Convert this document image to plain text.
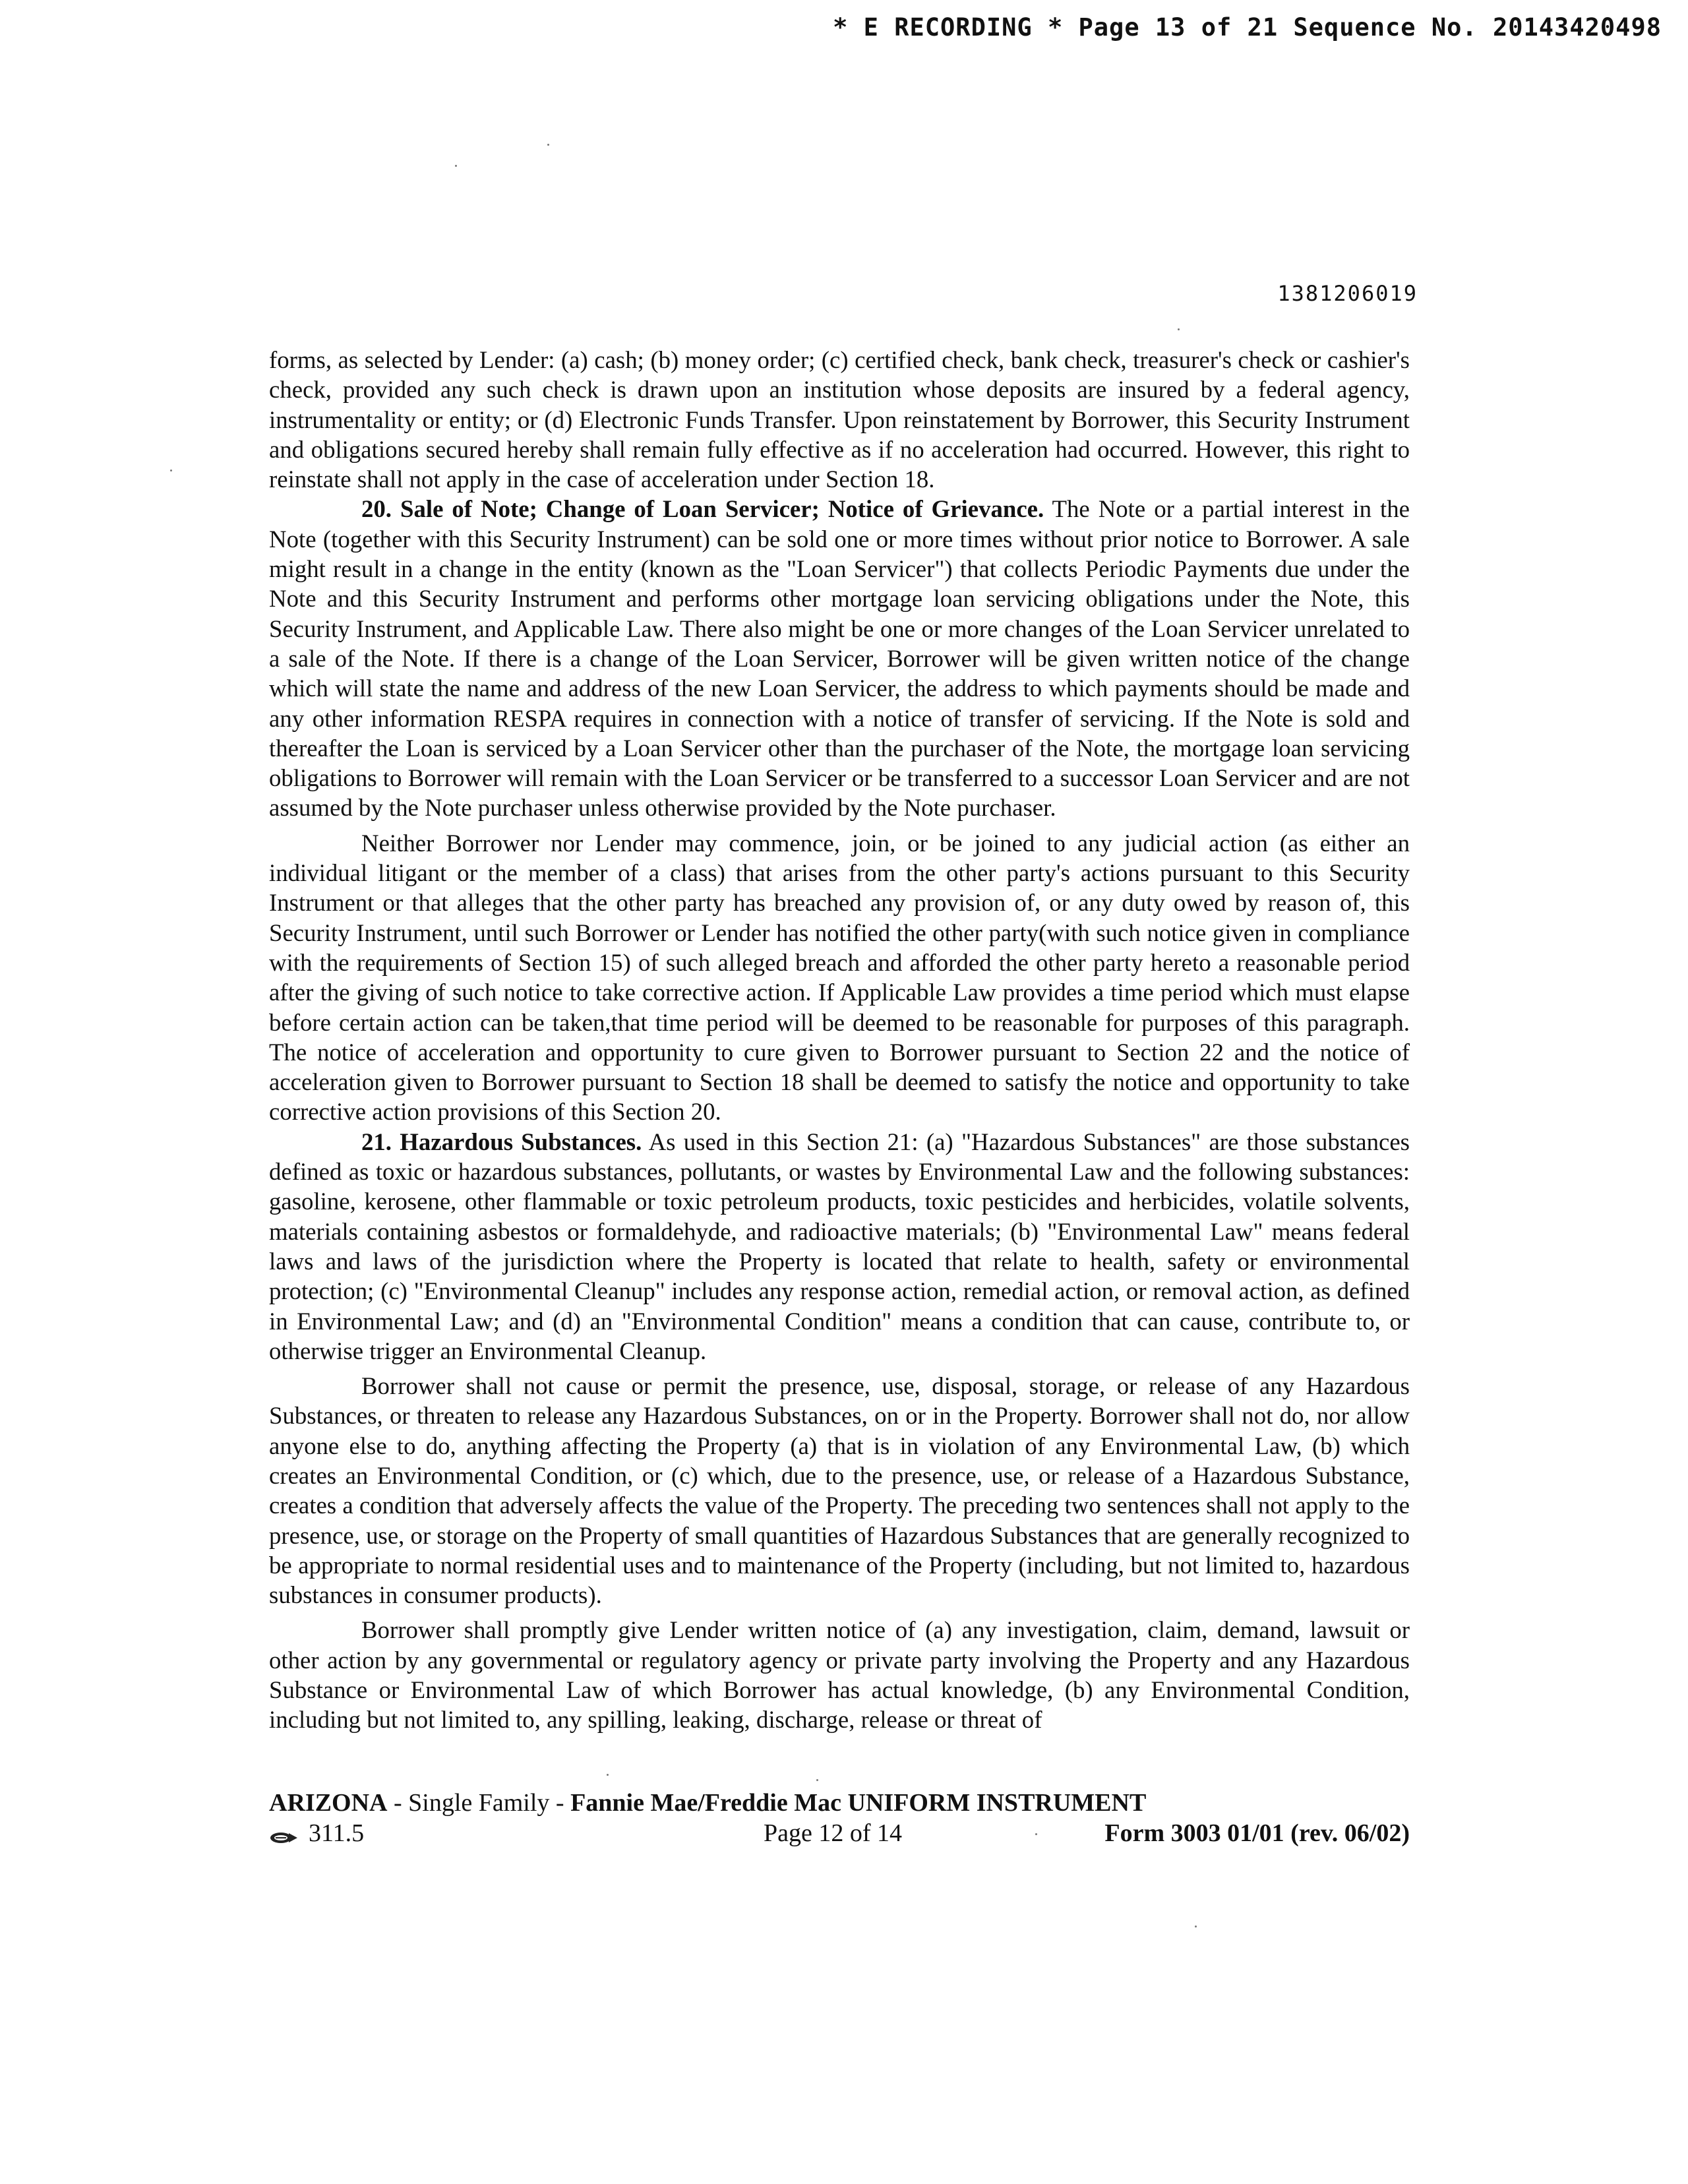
* E RECORDING * Page 13 of 21 Sequence No. 20143420498
1381206019

forms, as selected by Lender: (a) cash; (b) money order; (c) certified check, bank check, treasurer's check or cashier's check, provided any such check is drawn upon an institution whose deposits are insured by a federal agency, instrumentality or entity; or (d) Electronic Funds Transfer. Upon reinstatement by Borrower, this Security Instrument and obligations secured hereby shall remain fully effective as if no acceleration had occurred. However, this right to reinstate shall not apply in the case of acceleration under Section 18.

20. Sale of Note; Change of Loan Servicer; Notice of Grievance. The Note or a partial interest in the Note (together with this Security Instrument) can be sold one or more times without prior notice to Borrower. A sale might result in a change in the entity (known as the "Loan Servicer") that collects Periodic Payments due under the Note and this Security Instrument and performs other mortgage loan servicing obligations under the Note, this Security Instrument, and Applicable Law. There also might be one or more changes of the Loan Servicer unrelated to a sale of the Note. If there is a change of the Loan Servicer, Borrower will be given written notice of the change which will state the name and address of the new Loan Servicer, the address to which payments should be made and any other information RESPA requires in connection with a notice of transfer of servicing. If the Note is sold and thereafter the Loan is serviced by a Loan Servicer other than the purchaser of the Note, the mortgage loan servicing obligations to Borrower will remain with the Loan Servicer or be transferred to a successor Loan Servicer and are not assumed by the Note purchaser unless otherwise provided by the Note purchaser.

Neither Borrower nor Lender may commence, join, or be joined to any judicial action (as either an individual litigant or the member of a class) that arises from the other party's actions pursuant to this Security Instrument or that alleges that the other party has breached any provision of, or any duty owed by reason of, this Security Instrument, until such Borrower or Lender has notified the other party(with such notice given in compliance with the requirements of Section 15) of such alleged breach and afforded the other party hereto a reasonable period after the giving of such notice to take corrective action. If Applicable Law provides a time period which must elapse before certain action can be taken,that time period will be deemed to be reasonable for purposes of this paragraph. The notice of acceleration and opportunity to cure given to Borrower pursuant to Section 22 and the notice of acceleration given to Borrower pursuant to Section 18 shall be deemed to satisfy the notice and opportunity to take corrective action provisions of this Section 20.

21. Hazardous Substances. As used in this Section 21: (a) "Hazardous Substances" are those substances defined as toxic or hazardous substances, pollutants, or wastes by Environmental Law and the following substances: gasoline, kerosene, other flammable or toxic petroleum products, toxic pesticides and herbicides, volatile solvents, materials containing asbestos or formaldehyde, and radioactive materials; (b) "Environmental Law" means federal laws and laws of the jurisdiction where the Property is located that relate to health, safety or environmental protection; (c) "Environmental Cleanup" includes any response action, remedial action, or removal action, as defined in Environmental Law; and (d) an "Environmental Condition" means a condition that can cause, contribute to, or otherwise trigger an Environmental Cleanup.

Borrower shall not cause or permit the presence, use, disposal, storage, or release of any Hazardous Substances, or threaten to release any Hazardous Substances, on or in the Property. Borrower shall not do, nor allow anyone else to do, anything affecting the Property (a) that is in violation of any Environmental Law, (b) which creates an Environmental Condition, or (c) which, due to the presence, use, or release of a Hazardous Substance, creates a condition that adversely affects the value of the Property. The preceding two sentences shall not apply to the presence, use, or storage on the Property of small quantities of Hazardous Substances that are generally recognized to be appropriate to normal residential uses and to maintenance of the Property (including, but not limited to, hazardous substances in consumer products).

Borrower shall promptly give Lender written notice of (a) any investigation, claim, demand, lawsuit or other action by any governmental or regulatory agency or private party involving the Property and any Hazardous Substance or Environmental Law of which Borrower has actual knowledge, (b) any Environmental Condition, including but not limited to, any spilling, leaking, discharge, release or threat of

ARIZONA - Single Family - Fannie Mae/Freddie Mac UNIFORM INSTRUMENT
311.5	Page 12 of 14	Form 3003 01/01 (rev. 06/02)
